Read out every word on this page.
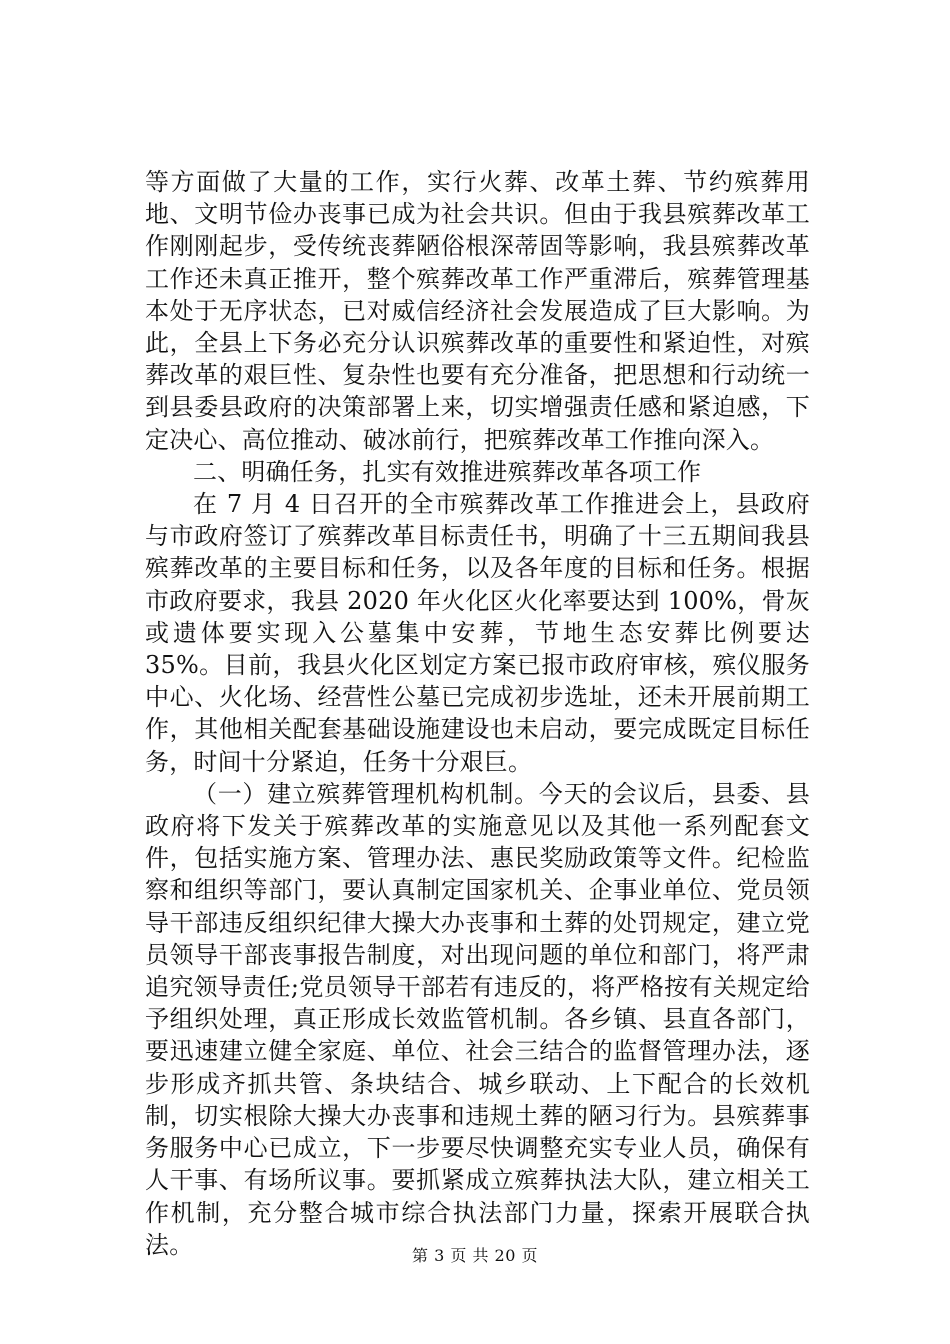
等方面做了大量的工作，实行火葬、改革土葬、节约殡葬用地、文明节俭办丧事已成为社会共识。但由于我县殡葬改革工作刚刚起步，受传统丧葬陋俗根深蒂固等影响，我县殡葬改革工作还未真正推开，整个殡葬改革工作严重滞后，殡葬管理基本处于无序状态，已对威信经济社会发展造成了巨大影响。为此，全县上下务必充分认识殡葬改革的重要性和紧迫性，对殡葬改革的艰巨性、复杂性也要有充分准备，把思想和行动统一到县委县政府的决策部署上来，切实增强责任感和紧迫感，下定决心、高位推动、破冰前行，把殡葬改革工作推向深入。

二、明确任务，扎实有效推进殡葬改革各项工作

在 7 月 4 日召开的全市殡葬改革工作推进会上，县政府与市政府签订了殡葬改革目标责任书，明确了十三五期间我县殡葬改革的主要目标和任务，以及各年度的目标和任务。根据市政府要求，我县 2020 年火化区火化率要达到 100%，骨灰或遗体要实现入公墓集中安葬，节地生态安葬比例要达 35%。目前，我县火化区划定方案已报市政府审核，殡仪服务中心、火化场、经营性公墓已完成初步选址，还未开展前期工作，其他相关配套基础设施建设也未启动，要完成既定目标任务，时间十分紧迫，任务十分艰巨。

（一）建立殡葬管理机构机制。今天的会议后，县委、县政府将下发关于殡葬改革的实施意见以及其他一系列配套文件，包括实施方案、管理办法、惠民奖励政策等文件。纪检监察和组织等部门，要认真制定国家机关、企事业单位、党员领导干部违反组织纪律大操大办丧事和土葬的处罚规定，建立党员领导干部丧事报告制度，对出现问题的单位和部门，将严肃追究领导责任;党员领导干部若有违反的，将严格按有关规定给予组织处理，真正形成长效监管机制。各乡镇、县直各部门，要迅速建立健全家庭、单位、社会三结合的监督管理办法，逐步形成齐抓共管、条块结合、城乡联动、上下配合的长效机制，切实根除大操大办丧事和违规土葬的陋习行为。县殡葬事务服务中心已成立，下一步要尽快调整充实专业人员，确保有人干事、有场所议事。要抓紧成立殡葬执法大队，建立相关工作机制，充分整合城市综合执法部门力量，探索开展联合执法。	第 3 页 共 20 页
